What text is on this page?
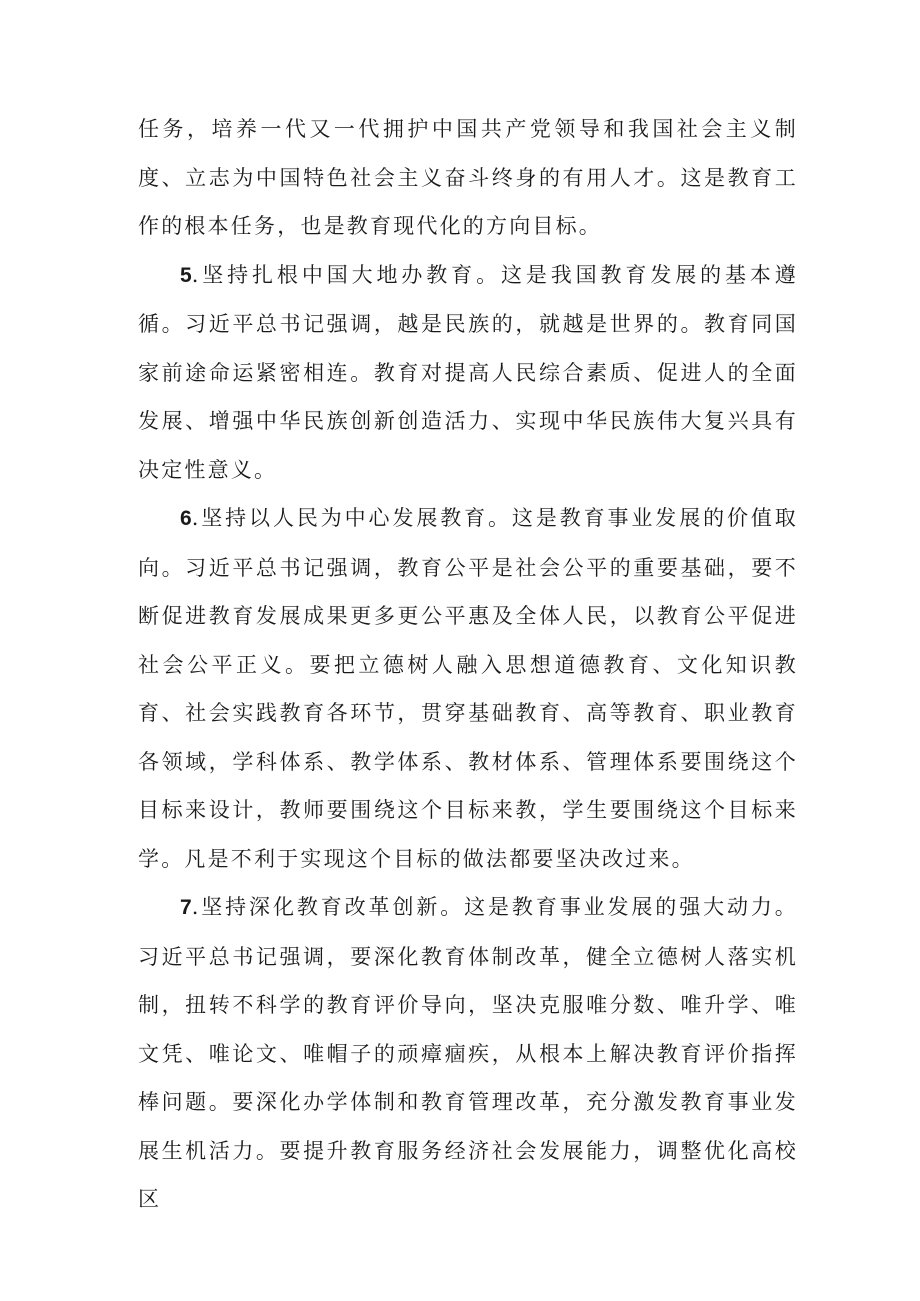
任务，培养一代又一代拥护中国共产党领导和我国社会主义制度、立志为中国特色社会主义奋斗终身的有用人才。这是教育工作的根本任务，也是教育现代化的方向目标。

5.坚持扎根中国大地办教育。这是我国教育发展的基本遵循。习近平总书记强调，越是民族的，就越是世界的。教育同国家前途命运紧密相连。教育对提高人民综合素质、促进人的全面发展、增强中华民族创新创造活力、实现中华民族伟大复兴具有决定性意义。

6.坚持以人民为中心发展教育。这是教育事业发展的价值取向。习近平总书记强调，教育公平是社会公平的重要基础，要不断促进教育发展成果更多更公平惠及全体人民，以教育公平促进社会公平正义。要把立德树人融入思想道德教育、文化知识教育、社会实践教育各环节，贯穿基础教育、高等教育、职业教育各领域，学科体系、教学体系、教材体系、管理体系要围绕这个目标来设计，教师要围绕这个目标来教，学生要围绕这个目标来学。凡是不利于实现这个目标的做法都要坚决改过来。

7.坚持深化教育改革创新。这是教育事业发展的强大动力。习近平总书记强调，要深化教育体制改革，健全立德树人落实机制，扭转不科学的教育评价导向，坚决克服唯分数、唯升学、唯文凭、唯论文、唯帽子的顽瘴痼疾，从根本上解决教育评价指挥棒问题。要深化办学体制和教育管理改革，充分激发教育事业发展生机活力。要提升教育服务经济社会发展能力，调整优化高校区
